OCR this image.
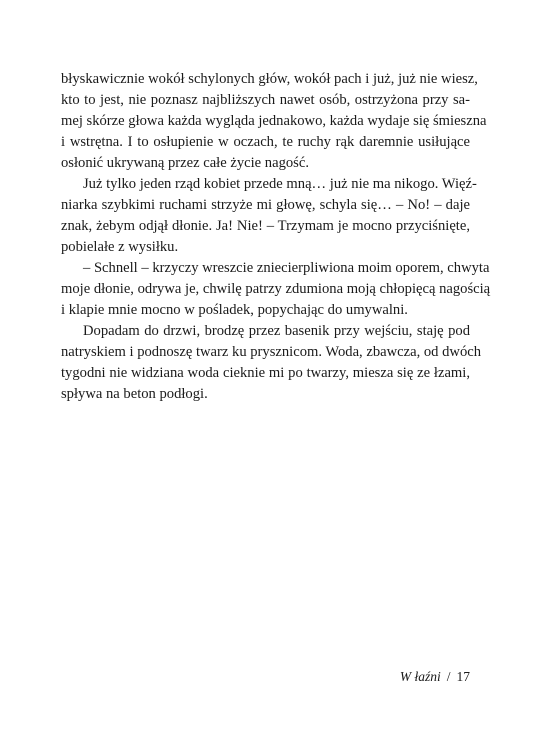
błyskawicznie wokół schylonych głów, wokół pach i już, już nie wiesz,
kto to jest, nie poznasz najbliższych nawet osób, ostrzyżona przy sa-
mej skórze głowa każda wygląda jednakowo, każda wydaje się śmieszna
i wstrętna. I to osłupienie w oczach, te ruchy rąk daremnie usiłujące
osłonić ukrywaną przez całe życie nagość.
Już tylko jeden rząd kobiet przede mną… już nie ma nikogo. Więź-
niarka szybkimi ruchami strzyże mi głowę, schyla się… – No! – daje
znak, żebym odjął dłonie. Ja! Nie! – Trzymam je mocno przyciśnięte,
pobielałe z wysiłku.
– Schnell – krzyczy wreszcie zniecierpliwiona moim oporem, chwyta
moje dłonie, odrywa je, chwilę patrzy zdumiona moją chłopięcą nagością
i klapie mnie mocno w pośladek, popychając do umywalni.
Dopadam do drzwi, brodzę przez basenik przy wejściu, staję pod
natryskiem i podnoszę twarz ku prysznicom. Woda, zbawcza, od dwóch
tygodni nie widziana woda cieknie mi po twarzy, miesza się ze łzami,
spływa na beton podłogi.
W łaźni / 17
